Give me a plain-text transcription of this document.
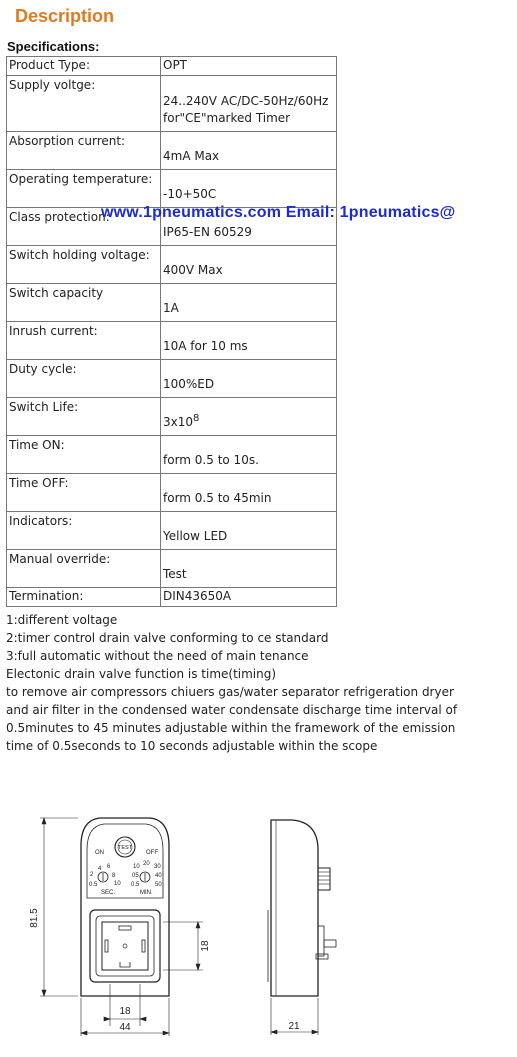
Description
Specifications:
Product Type:	OPT
Supply voltge:	24..240V AC/DC-50Hz/60Hz
for"CE"marked Timer
Absorption current:	4mA Max
Operating temperature:	-10+50C
Class protection:	IP65-EN 60529
Switch holding voltage:	400V Max
Switch capacity	1A
Inrush current:	10A for 10 ms
Duty cycle:	100%ED
Switch Life:	$3x10^8$
Time ON:	form 0.5 to 10s.
Time OFF:	form 0.5 to 45min
Indicators:	Yellow LED
Manual override:	Test
Termination:	DIN43650A
www.1pneumatics.com Email: 1pneumatics@
1:different voltage
2:timer control drain valve conforming to ce standard
3:full automatic without the need of main tenance
Electonic drain valve function is time(timing)
to remove air compressors chiuers gas/water separator refrigeration dryer
and air filter in the condensed water condensate discharge time interval of
0.5minutes to 45 minutes adjustable within the framework of the emission
time of 0.5seconds to 10 seconds adjustable within the scope
TEST
ON	OFF
2
4 6
8
10
0.5
SEC.
10 20 30
05	40
0.5	50
MIN.
81.5
18
18
44	21
